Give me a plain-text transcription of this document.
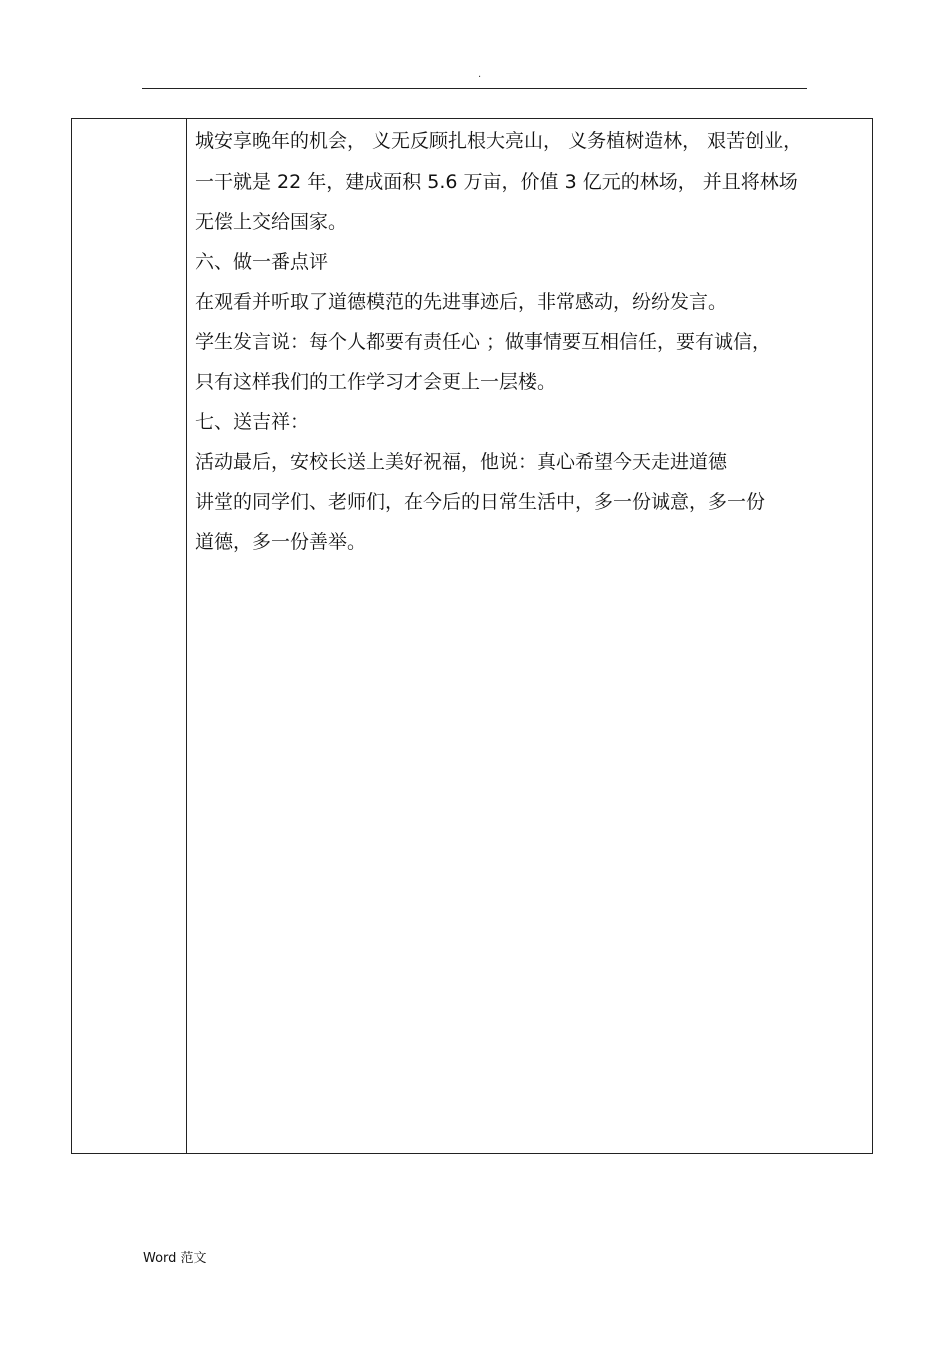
.
城安享晚年的机会， 义无反顾扎根大亮山， 义务植树造林， 艰苦创业，
一干就是 22 年，建成面积 5.6 万亩，价值 3 亿元的林场， 并且将林场
无偿上交给国家。
六、做一番点评
在观看并听取了道德模范的先进事迹后，非常感动，纷纷发言。
学生发言说：每个人都要有责任心 ；做事情要互相信任，要有诚信，
只有这样我们的工作学习才会更上一层楼。
七、送吉祥：
活动最后，安校长送上美好祝福，他说：真心希望今天走进道德
讲堂的同学们、老师们，在今后的日常生活中，多一份诚意，多一份
道德，多一份善举。
Word 范文
